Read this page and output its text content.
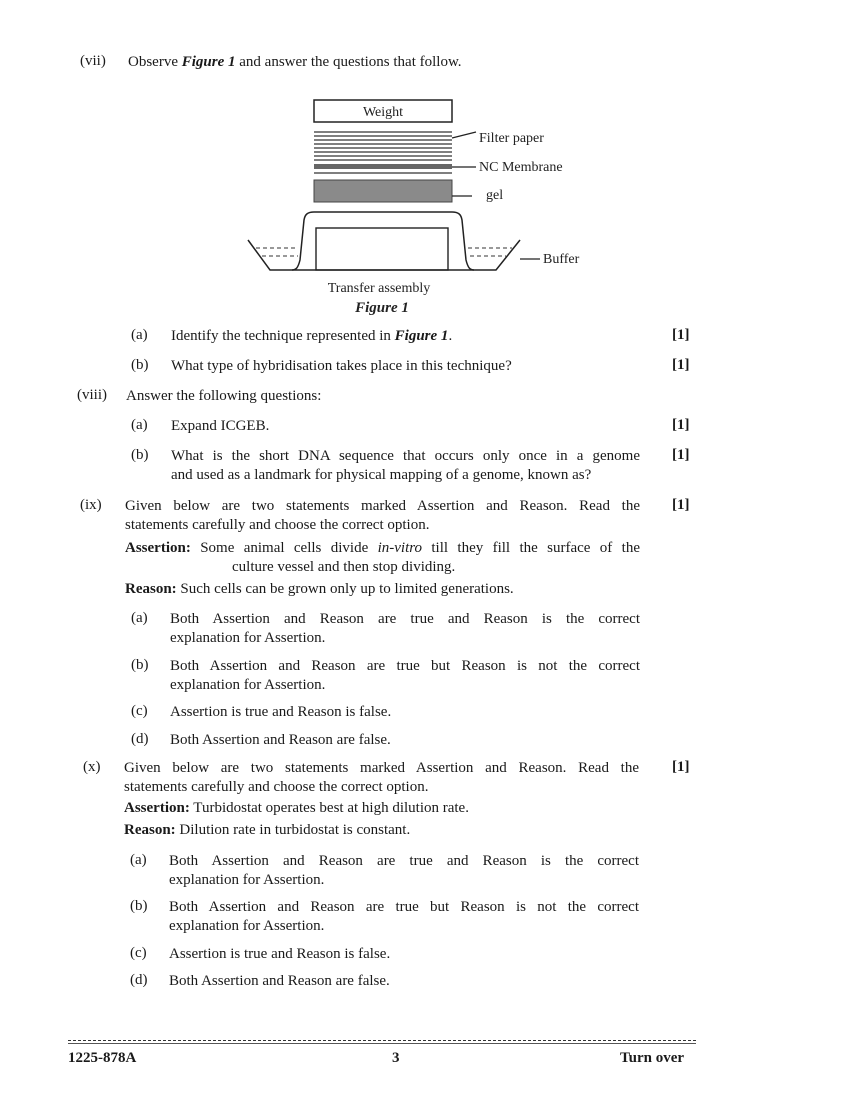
(vii) Observe Figure 1 and answer the questions that follow.
Weight
Filter paper
NC Membrane
gel
Buffer
Transfer assembly
Figure 1
(a) Identify the technique represented in Figure 1.	[1]
(b) What type of hybridisation takes place in this technique?	[1]
(viii) Answer the following questions:
(a) Expand ICGEB.	[1]
(b) What is the short DNA sequence that occurs only once in a genome
and used as a landmark for physical mapping of a genome, known as?
[1]
(ix) Given below are two statements marked Assertion and Reason. Read the
statements carefully and choose the correct option.
[1]
Assertion: Some animal cells divide in-vitro till they fill the surface of the
culture vessel and then stop dividing.
Reason: Such cells can be grown only up to limited generations.
(a) Both Assertion and Reason are true and Reason is the correct
explanation for Assertion.
(b) Both Assertion and Reason are true but Reason is not the correct
explanation for Assertion.
(c) Assertion is true and Reason is false.
(d) Both Assertion and Reason are false.
(x) Given below are two statements marked Assertion and Reason. Read the
statements carefully and choose the correct option.
[1]
Assertion: Turbidostat operates best at high dilution rate.
Reason: Dilution rate in turbidostat is constant.
(a) Both Assertion and Reason are true and Reason is the correct
explanation for Assertion.
(b) Both Assertion and Reason are true but Reason is not the correct
explanation for Assertion.
(c) Assertion is true and Reason is false.
(d) Both Assertion and Reason are false.
1225-878A	3	Turn over
